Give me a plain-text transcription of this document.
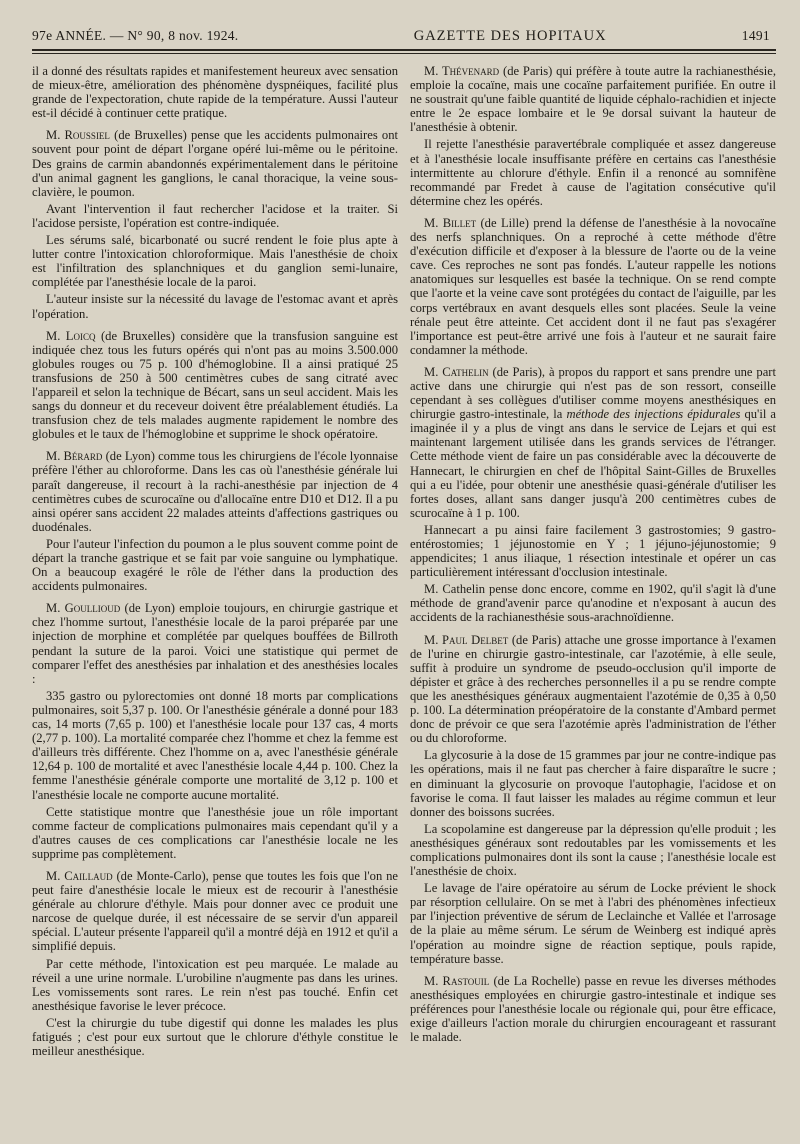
97e ANNÉE. — N° 90, 8 nov. 1924.	GAZETTE DES HOPITAUX	1491

il a donné des résultats rapides et manifestement heureux avec sensation de mieux-être, amélioration des phénomène dyspnéiques, facilité plus grande de l'expectoration, chute rapide de la température. Aussi l'auteur est-il décidé à continuer cette pratique.

M. Roussiel (de Bruxelles) pense que les accidents pulmonaires ont souvent pour point de départ l'organe opéré lui-même ou le péritoine. Des grains de carmin abandonnés expérimentalement dans le péritoine d'un animal gagnent les ganglions, le canal thoracique, la veine sous-clavière, le poumon.

Avant l'intervention il faut rechercher l'acidose et la traiter. Si l'acidose persiste, l'opération est contre-indiquée.

Les sérums salé, bicarbonaté ou sucré rendent le foie plus apte à lutter contre l'intoxication chloroformique. Mais l'anesthésie de choix est l'infiltration des splanchniques et du ganglion semi-lunaire, complétée par l'anesthésie locale de la paroi.

L'auteur insiste sur la nécessité du lavage de l'estomac avant et après l'opération.

M. Loicq (de Bruxelles) considère que la transfusion sanguine est indiquée chez tous les futurs opérés qui n'ont pas au moins 3.500.000 globules rouges ou 75 p. 100 d'hémoglobine. Il a ainsi pratiqué 25 transfusions de 250 à 500 centimètres cubes de sang citraté avec l'appareil et selon la technique de Bécart, sans un seul accident. Mais les sangs du donneur et du receveur doivent être préalablement étudiés. La transfusion chez de tels malades augmente rapidement le nombre des globules et le taux de l'hémoglobine et supprime le shock opératoire.

M. Bérard (de Lyon) comme tous les chirurgiens de l'école lyonnaise préfère l'éther au chloroforme. Dans les cas où l'anesthésie générale lui paraît dangereuse, il recourt à la rachi-anesthésie par injection de 4 centimètres cubes de scurocaïne ou d'allocaïne entre D10 et D12. Il a pu ainsi opérer sans accident 22 malades atteints d'affections gastriques ou duodénales.

Pour l'auteur l'infection du poumon a le plus souvent comme point de départ la tranche gastrique et se fait par voie sanguine ou lymphatique. On a beaucoup exagéré le rôle de l'éther dans la production des accidents pulmonaires.

M. Goullioud (de Lyon) emploie toujours, en chirurgie gastrique et chez l'homme surtout, l'anesthésie locale de la paroi préparée par une injection de morphine et complétée par quelques bouffées de Billroth pendant la suture de la paroi. Voici une statistique qui permet de comparer l'effet des anesthésies par inhalation et des anesthésies locales :

335 gastro ou pylorectomies ont donné 18 morts par complications pulmonaires, soit 5,37 p. 100. Or l'anesthésie générale a donné pour 183 cas, 14 morts (7,65 p. 100) et l'anesthésie locale pour 137 cas, 4 morts (2,77 p. 100). La mortalité comparée chez l'homme et chez la femme est d'ailleurs très différente. Chez l'homme on a, avec l'anesthésie générale 12,64 p. 100 de mortalité et avec l'anesthésie locale 4,44 p. 100. Chez la femme l'anesthésie générale comporte une mortalité de 3,12 p. 100 et l'anesthésie locale ne comporte aucune mortalité.

Cette statistique montre que l'anesthésie joue un rôle important comme facteur de complications pulmonaires mais cependant qu'il y a d'autres causes de ces complications car l'anesthésie locale ne les supprime pas complètement.

M. Caillaud (de Monte-Carlo), pense que toutes les fois que l'on ne peut faire d'anesthésie locale le mieux est de recourir à l'anesthésie générale au chlorure d'éthyle. Mais pour donner avec ce produit une narcose de quelque durée, il est nécessaire de se servir d'un appareil spécial. L'auteur présente l'appareil qu'il a montré déjà en 1912 et qu'il a simplifié depuis.

Par cette méthode, l'intoxication est peu marquée. Le malade au réveil a une urine normale. L'urobiline n'augmente pas dans les urines. Les vomissements sont rares. Le rein n'est pas touché. Enfin cet anesthésique favorise le lever précoce.

C'est la chirurgie du tube digestif qui donne les malades les plus fatigués ; c'est pour eux surtout que le chlorure d'éthyle constitue le meilleur anesthésique.

M. Thévenard (de Paris) qui préfère à toute autre la rachianesthésie, emploie la cocaïne, mais une cocaïne parfaitement purifiée. En outre il ne soustrait qu'une faible quantité de liquide céphalo-rachidien et injecte entre le 2e espace lombaire et le 9e dorsal suivant la hauteur de l'anesthésie à obtenir.

Il rejette l'anesthésie paravertébrale compliquée et assez dangereuse et à l'anesthésie locale insuffisante préfère en certains cas l'anesthésie intermittente au chlorure d'éthyle. Enfin il a renoncé au somnifène recommandé par Fredet à cause de l'agitation consécutive qu'il détermine chez les opérés.

M. Billet (de Lille) prend la défense de l'anesthésie à la novocaïne des nerfs splanchniques. On a reproché à cette méthode d'être d'exécution difficile et d'exposer à la blessure de l'aorte ou de la veine cave. Ces reproches ne sont pas fondés. L'auteur rappelle les notions anatomiques sur lesquelles est basée la technique. On se rend compte que l'aorte et la veine cave sont protégées du contact de l'aiguille, par les corps vertébraux en avant desquels elles sont placées. Seule la veine rénale peut être atteinte. Cet accident dont il ne faut pas s'exagérer l'importance est peut-être arrivé une fois à l'auteur et ne saurait faire condamner la méthode.

M. Cathelin (de Paris), à propos du rapport et sans prendre une part active dans une chirurgie qui n'est pas de son ressort, conseille cependant à ses collègues d'utiliser comme moyens anesthésiques en chirurgie gastro-intestinale, la méthode des injections épidurales qu'il a imaginée il y a plus de vingt ans dans le service de Lejars et qui est maintenant largement utilisée dans les grands services de l'étranger. Cette méthode vient de faire un pas considérable avec la découverte de Hannecart, le chirurgien en chef de l'hôpital Saint-Gilles de Bruxelles qui a eu l'idée, pour obtenir une anesthésie quasi-générale d'utiliser les fortes doses, allant sans danger jusqu'à 200 centimètres cubes de scurocaïne à 1 p. 100.

Hannecart a pu ainsi faire facilement 3 gastrostomies; 9 gastro-entérostomies; 1 jéjunostomie en Y ; 1 jéjuno-jéjunostomie; 9 appendicites; 1 anus iliaque, 1 résection intestinale et opérer un cas particulièrement intéressant d'occlusion intestinale.

M. Cathelin pense donc encore, comme en 1902, qu'il s'agit là d'une méthode de grand'avenir parce qu'anodine et n'exposant à aucun des accidents de la rachianesthésie sous-arachnoïdienne.

M. Paul Delbet (de Paris) attache une grosse importance à l'examen de l'urine en chirurgie gastro-intestinale, car l'azotémie, à elle seule, suffit à produire un syndrome de pseudo-occlusion qu'il importe de dépister et grâce à des recherches personnelles il a pu se rendre compte que les anesthésiques généraux augmentaient l'azotémie de 0,35 à 0,50 p. 100. La détermination préopératoire de la constante d'Ambard permet donc de prévoir ce que sera l'azotémie après l'administration de l'éther ou du chloroforme.

La glycosurie à la dose de 15 grammes par jour ne contre-indique pas les opérations, mais il ne faut pas chercher à faire disparaître le sucre ; en diminuant la glycosurie on provoque l'autophagie, l'acidose et on favorise le coma. Il faut laisser les malades au régime commun et leur donner des boissons sucrées.

La scopolamine est dangereuse par la dépression qu'elle produit ; les anesthésiques généraux sont redoutables par les vomissements et les complications pulmonaires dont ils sont la cause ; l'anesthésie locale est l'anesthésie de choix.

Le lavage de l'aire opératoire au sérum de Locke prévient le shock par résorption cellulaire. On se met à l'abri des phénomènes infectieux par l'injection préventive de sérum de Leclainche et Vallée et l'arrosage de la plaie au même sérum. Le sérum de Weinberg est indiqué après l'opération au moindre signe de réaction septique, pouls rapide, température basse.

M. Rastouil (de La Rochelle) passe en revue les diverses méthodes anesthésiques employées en chirurgie gastro-intestinale et indique ses préférences pour l'anesthésie locale ou régionale qui, pour être efficace, exige d'ailleurs l'action morale du chirurgien encourageant et rassurant le malade.
